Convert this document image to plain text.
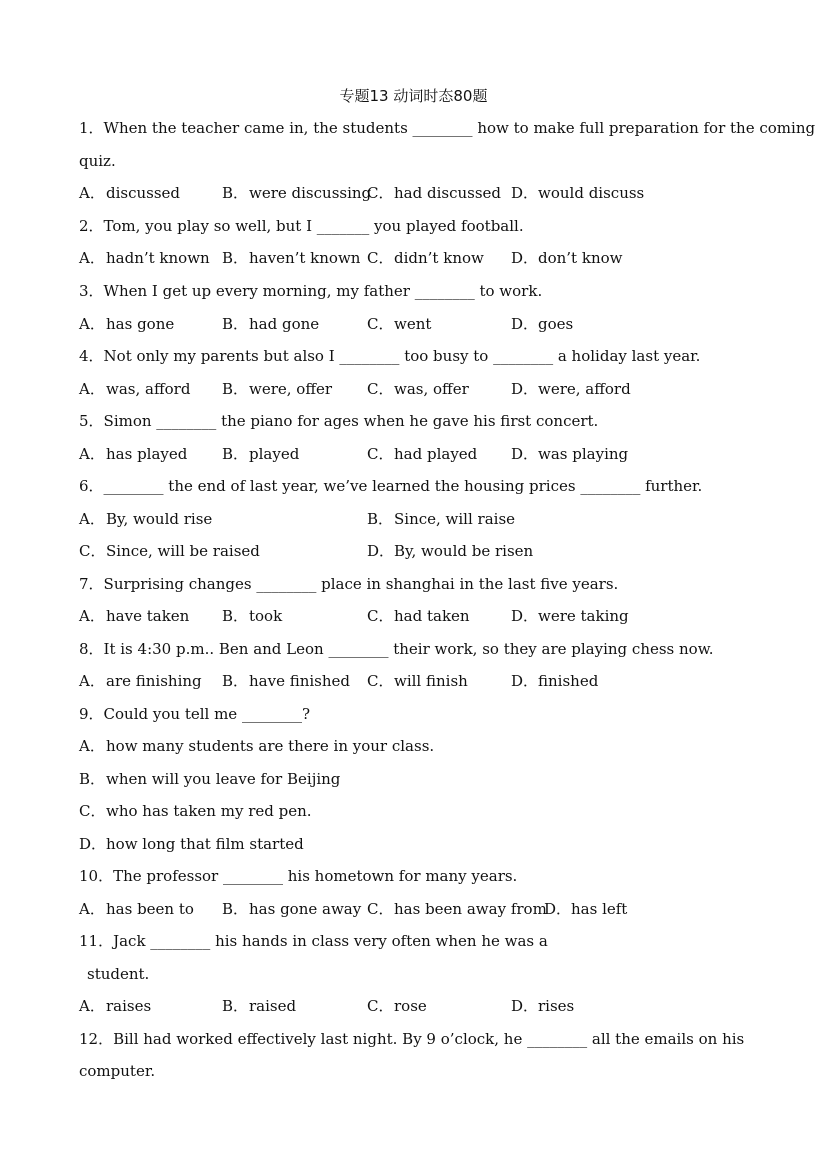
专题13 动词时态80题
1．When the teacher came in, the students ________ how to make full preparation for the coming
quiz.
A．discussed	B．were discussing
C．had discussed D．would discuss
2．Tom, you play so well, but I _______ you played football.
A．hadn’t known B．haven’t known C．didn’t know D．don’t know
3．When I get up every morning, my father ________ to work.
A．has gone	B．had gone	C．went	D．goes
4．Not only my parents but also I ________ too busy to ________ a holiday last year.
A．was, afford B．were, offer C．was, offer	D．were, afford
5．Simon ________ the piano for ages when he gave his first concert.
A．has played B．played	C．had played D．was playing
6．________ the end of last year, we’ve learned the housing prices ________ further.
A．By, would rise	B．Since, will raise
C．Since, will be raised	D．By, would be risen
7．Surprising changes ________ place in shanghai in the last five years.
A．have taken B．took	C．had taken	D．were taking
8．It is 4:30 p.m.. Ben and Leon ________ their work, so they are playing chess now.
A．are finishing B．have finished C．will finish	D．finished
9．Could you tell me ________?
A．how many students are there in your class.
B．when will you leave for Beijing
C．who has taken my red pen.
D．how long that film started
10．The professor ________ his hometown for many years.
A．has been to B．has gone away C．has been away from
D．has left
11．Jack ________ his hands in class very often when he was a
student.
A．raises	B．raised	C．rose	D．rises
12．Bill had worked effectively last night. By 9 o’clock, he ________ all the emails on his
computer.
